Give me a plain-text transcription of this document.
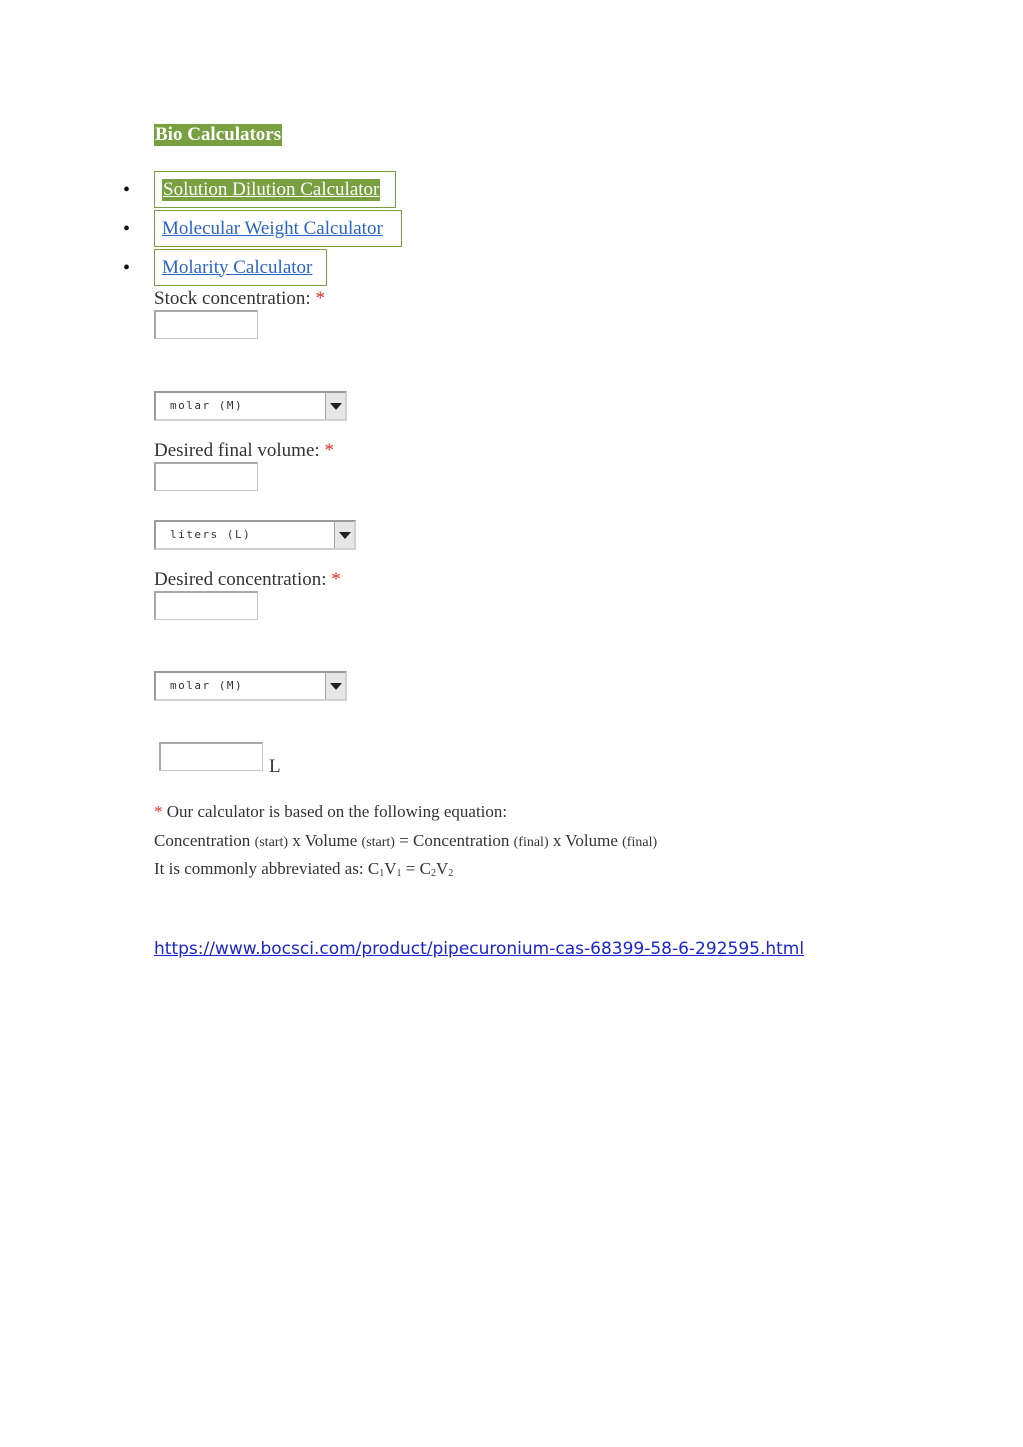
Bio Calculators
• Solution Dilution Calculator
• Molecular Weight Calculator
• Molarity Calculator
Stock concentration: *
molar (M)
Desired final volume: *
liters (L)
Desired concentration: *
molar (M)
L
* Our calculator is based on the following equation:
Concentration (start) x Volume (start) = Concentration (final) x Volume (final)
It is commonly abbreviated as: $C_1V_1 = C_2V_2$
https://www.bocsci.com/product/pipecuronium-cas-68399-58-6-292595.html
